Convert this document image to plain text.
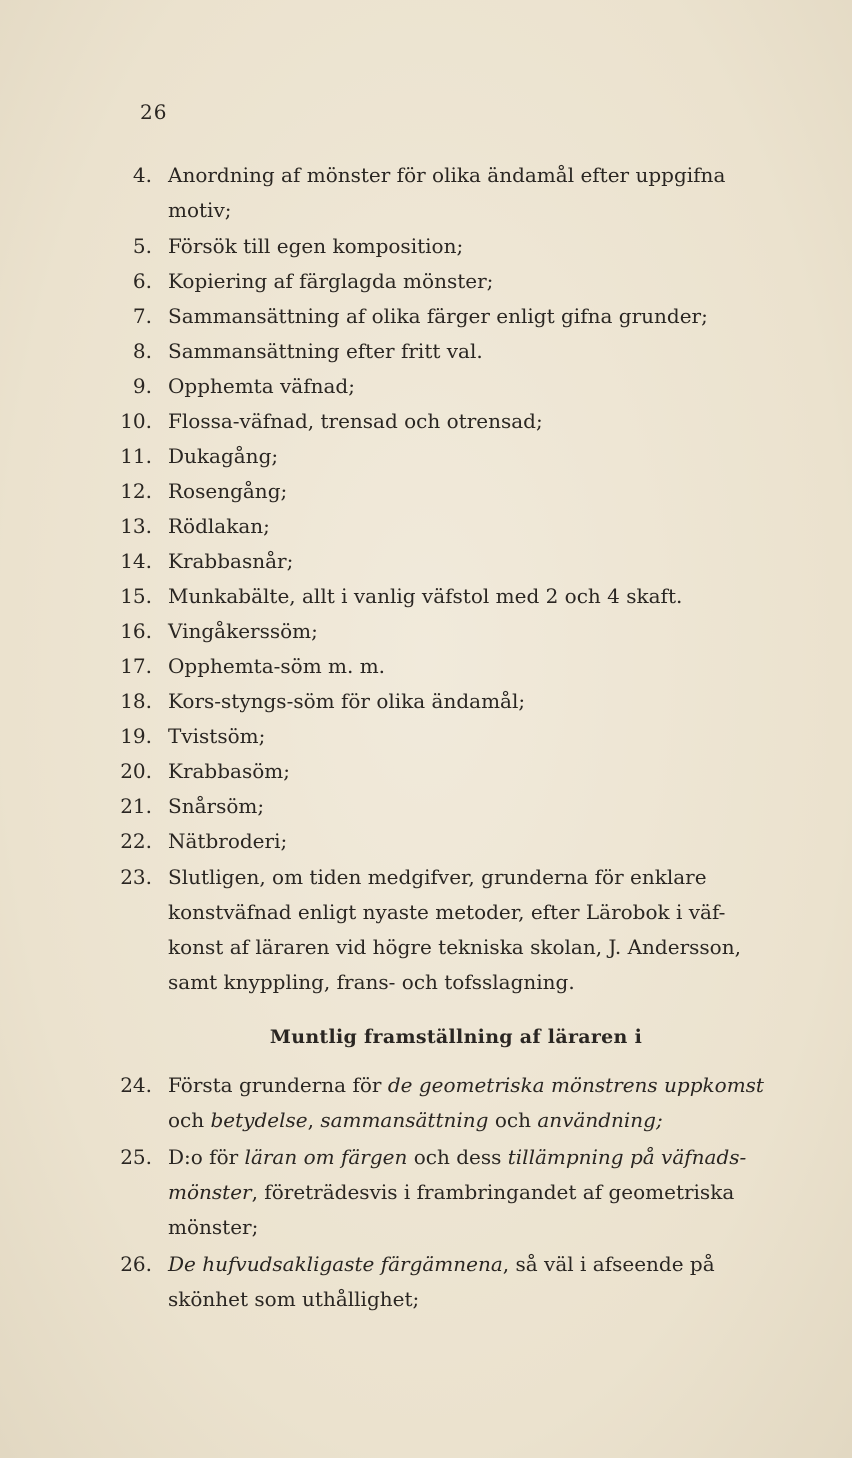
26
4. Anordning af mönster för olika ändamål efter uppgifna
motiv;
5. Försök till egen komposition;
6. Kopiering af färglagda mönster;
7. Sammansättning af olika färger enligt gifna grunder;
8. Sammansättning efter fritt val.
9. Opphemta väfnad;
10. Flossa-väfnad, trensad och otrensad;
11. Dukagång;
12. Rosengång;
13. Rödlakan;
14. Krabbasnår;
15. Munkabälte, allt i vanlig väfstol med 2 och 4 skaft.
16. Vingåkerssöm;
17. Opphemta-söm m. m.
18. Kors-styngs-söm för olika ändamål;
19. Tvistsöm;
20. Krabbasöm;
21. Snårsöm;
22. Nätbroderi;
23. Slutligen, om tiden medgifver, grunderna för enklare
konstväfnad enligt nyaste metoder, efter Lärobok i väf-
konst af läraren vid högre tekniska skolan, J. Andersson,
samt knyppling, frans- och tofsslagning.
Muntlig framställning af läraren i
24. Första grunderna för de geometriska mönstrens uppkomst
och betydelse, sammansättning och användning;
25. D:o för läran om färgen och dess tillämpning på väfnads-
mönster, företrädesvis i frambringandet af geometriska
mönster;
26. De hufvudsakligaste färgämnena, så väl i afseende på
skönhet som uthållighet;
